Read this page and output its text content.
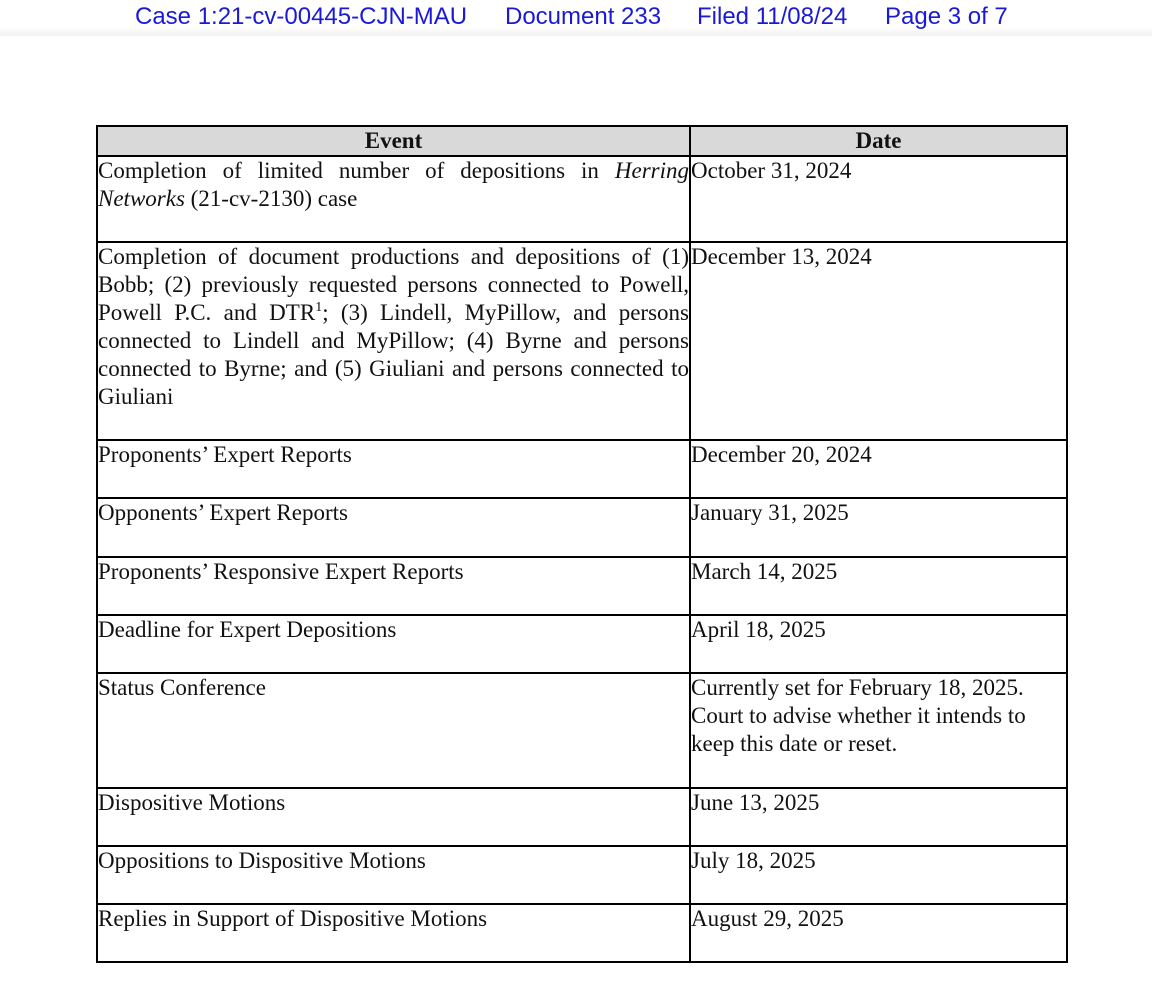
Case 1:21-cv-00445-CJN-MAU Document 233 Filed 11/08/24 Page 3 of 7
Event	Date
Completion of limited number of depositions in Herring Networks (21-cv-2130) case	October 31, 2024
Completion of document productions and depositions of (1) Bobb; (2) previously requested persons connected to Powell, Powell P.C. and DTR$^1$; (3) Lindell, MyPillow, and persons connected to Lindell and MyPillow; (4) Byrne and persons connected to Byrne; and (5) Giuliani and persons connected to Giuliani	December 13, 2024
Proponents’ Expert Reports	December 20, 2024
Opponents’ Expert Reports	January 31, 2025
Proponents’ Responsive Expert Reports	March 14, 2025
Deadline for Expert Depositions	April 18, 2025
Status Conference	Currently set for February 18, 2025. Court to advise whether it intends to keep this date or reset.
Dispositive Motions	June 13, 2025
Oppositions to Dispositive Motions	July 18, 2025
Replies in Support of Dispositive Motions	August 29, 2025
